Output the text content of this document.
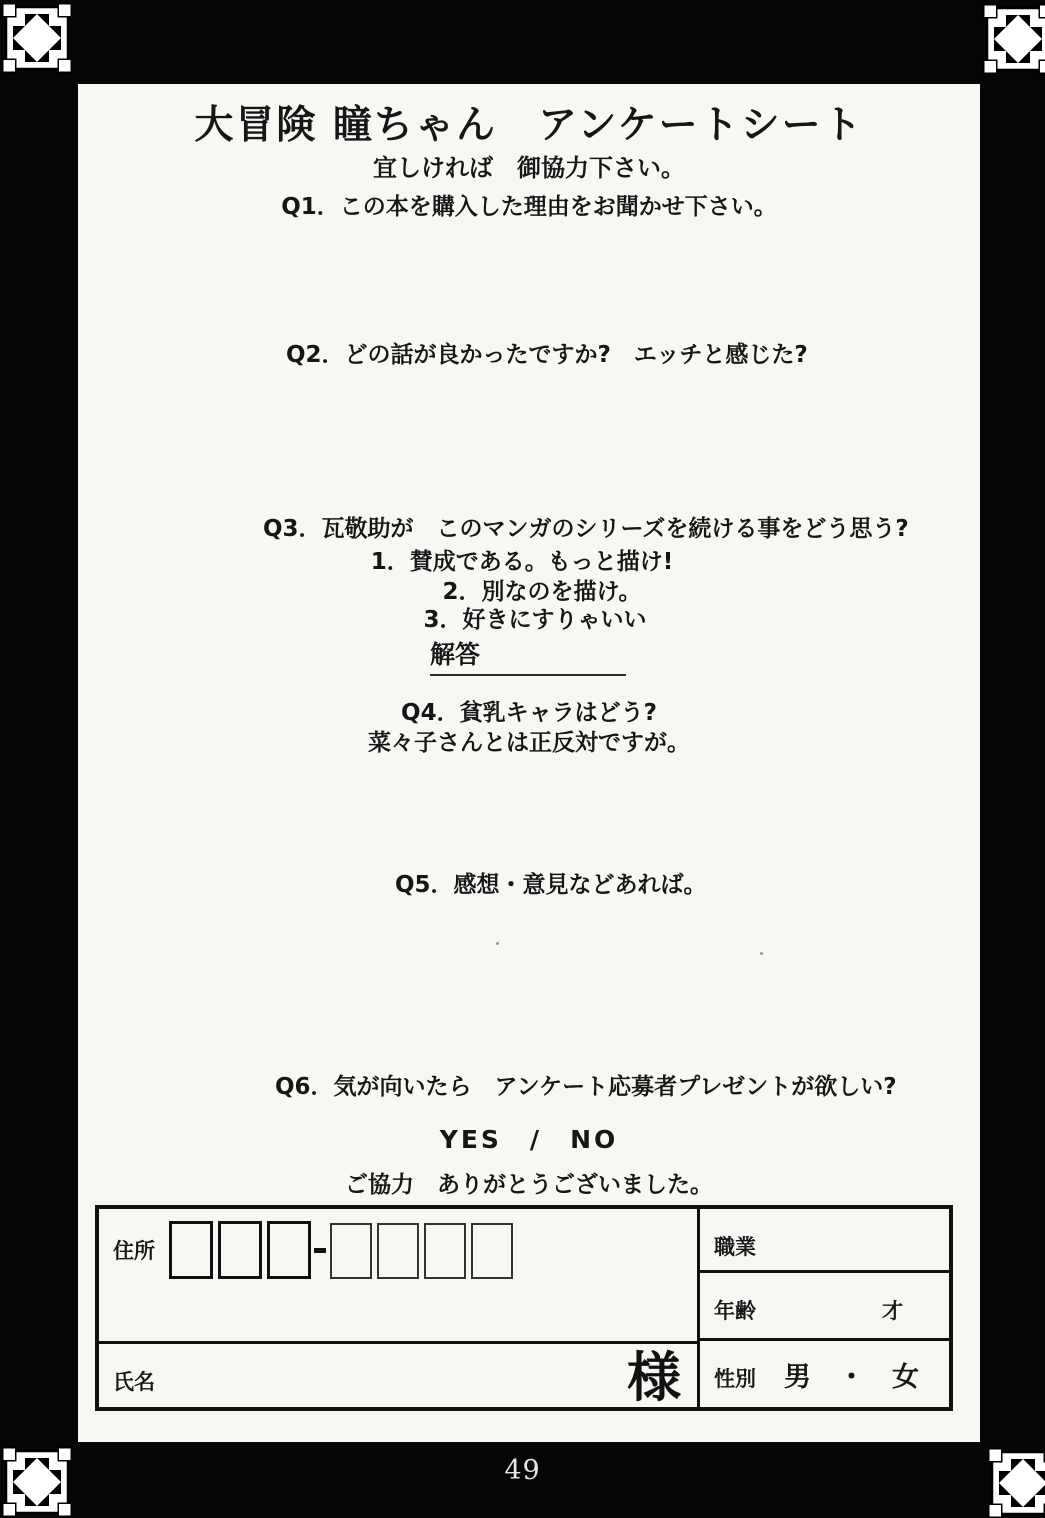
大冒険 瞳ちゃん　アンケートシート
宜しければ　御協力下さい。
Q1．この本を購入した理由をお聞かせ下さい。
Q2．どの話が良かったですか?　エッチと感じた?
Q3．瓦敬助が　このマンガのシリーズを続ける事をどう思う?
1．賛成である。もっと描け!
2．別なのを描け。
3．好きにすりゃいい
解答
Q4．貧乳キャラはどう?
菜々子さんとは正反対ですが。
Q5．感想・意見などあれば。
Q6．気が向いたら　アンケート応募者プレゼントが欲しい?
YES　/　NO
ご協力　ありがとうございました。
住所
氏名	様
職業
年齢	才
性別 男　・　女
49
